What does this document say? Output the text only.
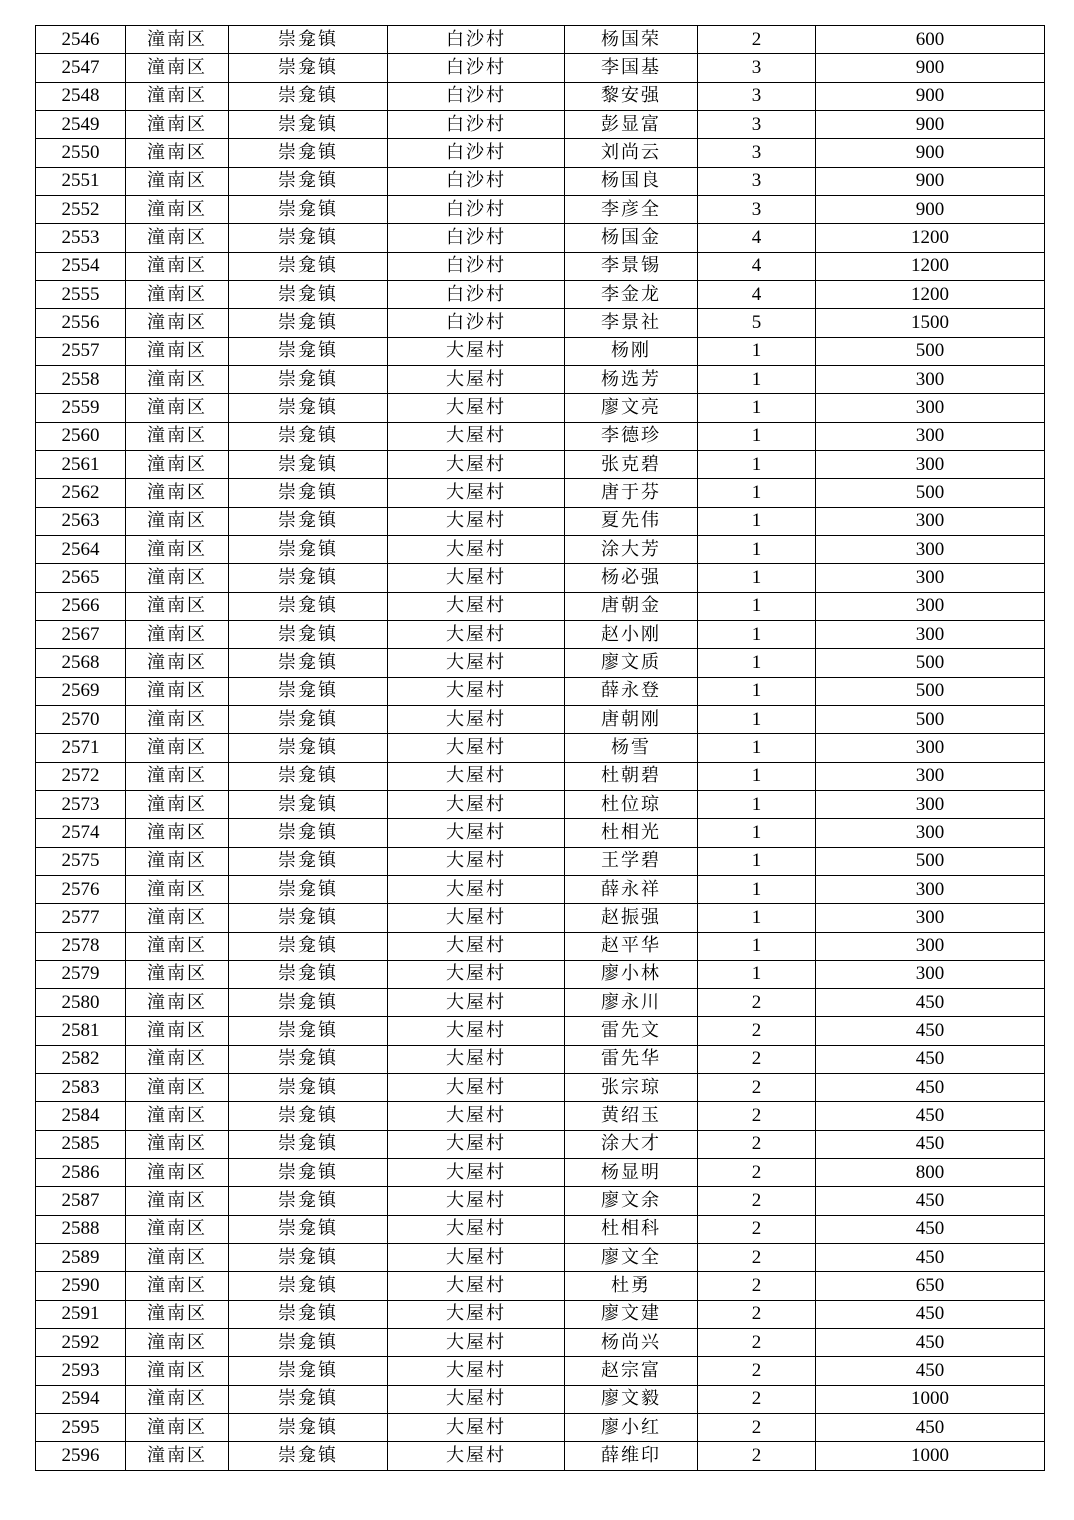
2546	潼南区	崇龛镇	白沙村	杨国荣	2	600
2547	潼南区	崇龛镇	白沙村	李国基	3	900
2548	潼南区	崇龛镇	白沙村	黎安强	3	900
2549	潼南区	崇龛镇	白沙村	彭显富	3	900
2550	潼南区	崇龛镇	白沙村	刘尚云	3	900
2551	潼南区	崇龛镇	白沙村	杨国良	3	900
2552	潼南区	崇龛镇	白沙村	李彦全	3	900
2553	潼南区	崇龛镇	白沙村	杨国金	4	1200
2554	潼南区	崇龛镇	白沙村	李景锡	4	1200
2555	潼南区	崇龛镇	白沙村	李金龙	4	1200
2556	潼南区	崇龛镇	白沙村	李景社	5	1500
2557	潼南区	崇龛镇	大屋村	杨刚	1	500
2558	潼南区	崇龛镇	大屋村	杨选芳	1	300
2559	潼南区	崇龛镇	大屋村	廖文亮	1	300
2560	潼南区	崇龛镇	大屋村	李德珍	1	300
2561	潼南区	崇龛镇	大屋村	张克碧	1	300
2562	潼南区	崇龛镇	大屋村	唐于芬	1	500
2563	潼南区	崇龛镇	大屋村	夏先伟	1	300
2564	潼南区	崇龛镇	大屋村	涂大芳	1	300
2565	潼南区	崇龛镇	大屋村	杨必强	1	300
2566	潼南区	崇龛镇	大屋村	唐朝金	1	300
2567	潼南区	崇龛镇	大屋村	赵小刚	1	300
2568	潼南区	崇龛镇	大屋村	廖文质	1	500
2569	潼南区	崇龛镇	大屋村	薛永登	1	500
2570	潼南区	崇龛镇	大屋村	唐朝刚	1	500
2571	潼南区	崇龛镇	大屋村	杨雪	1	300
2572	潼南区	崇龛镇	大屋村	杜朝碧	1	300
2573	潼南区	崇龛镇	大屋村	杜位琼	1	300
2574	潼南区	崇龛镇	大屋村	杜相光	1	300
2575	潼南区	崇龛镇	大屋村	王学碧	1	500
2576	潼南区	崇龛镇	大屋村	薛永祥	1	300
2577	潼南区	崇龛镇	大屋村	赵振强	1	300
2578	潼南区	崇龛镇	大屋村	赵平华	1	300
2579	潼南区	崇龛镇	大屋村	廖小林	1	300
2580	潼南区	崇龛镇	大屋村	廖永川	2	450
2581	潼南区	崇龛镇	大屋村	雷先文	2	450
2582	潼南区	崇龛镇	大屋村	雷先华	2	450
2583	潼南区	崇龛镇	大屋村	张宗琼	2	450
2584	潼南区	崇龛镇	大屋村	黄绍玉	2	450
2585	潼南区	崇龛镇	大屋村	涂大才	2	450
2586	潼南区	崇龛镇	大屋村	杨显明	2	800
2587	潼南区	崇龛镇	大屋村	廖文余	2	450
2588	潼南区	崇龛镇	大屋村	杜相科	2	450
2589	潼南区	崇龛镇	大屋村	廖文全	2	450
2590	潼南区	崇龛镇	大屋村	杜勇	2	650
2591	潼南区	崇龛镇	大屋村	廖文建	2	450
2592	潼南区	崇龛镇	大屋村	杨尚兴	2	450
2593	潼南区	崇龛镇	大屋村	赵宗富	2	450
2594	潼南区	崇龛镇	大屋村	廖文毅	2	1000
2595	潼南区	崇龛镇	大屋村	廖小红	2	450
2596	潼南区	崇龛镇	大屋村	薛维印	2	1000
